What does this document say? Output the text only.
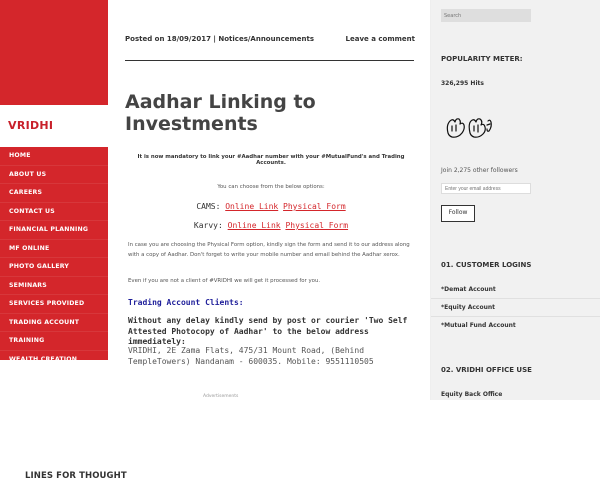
VRIDHI
HOME
ABOUT US
CAREERS
CONTACT US
FINANCIAL PLANNING
MF ONLINE
PHOTO GALLERY
SEMINARS
SERVICES PROVIDED
TRADING ACCOUNT
TRAINING
WEALTH CREATION
LINES FOR THOUGHT
Posted on 18/09/2017 | Notices/Announcements	Leave a comment
Aadhar Linking to Investments
It is now mandatory to link your #Aadhar number with your #MutualFund's and Trading Accounts.
You can choose from the below options:
CAMS: Online Link Physical Form
Karvy: Online Link Physical Form
In case you are choosing the Physical Form option, kindly sign the form and send it to our address along with a copy of Aadhar. Don't forget to write your mobile number and email behind the Aadhar xerox.
Even if you are not a client of #VRIDHI we will get it processed for you.
Trading Account Clients:
Without any delay kindly send by post or courier 'Two Self Attested Photocopy of Aadhar' to the below address immediately:
VRIDHI, 2E Zama Flats, 475/31 Mount Road, (Behind TempleTowers) Nandanam - 600035. Mobile: 9551110505
Advertisements
Search
POPULARITY METER:
326,295 Hits
Join 2,275 other followers
Enter your email address
Follow
01. CUSTOMER LOGINS
*Demat Account
*Equity Account
*Mutual Fund Account
02. VRIDHI OFFICE USE
Equity Back Office
